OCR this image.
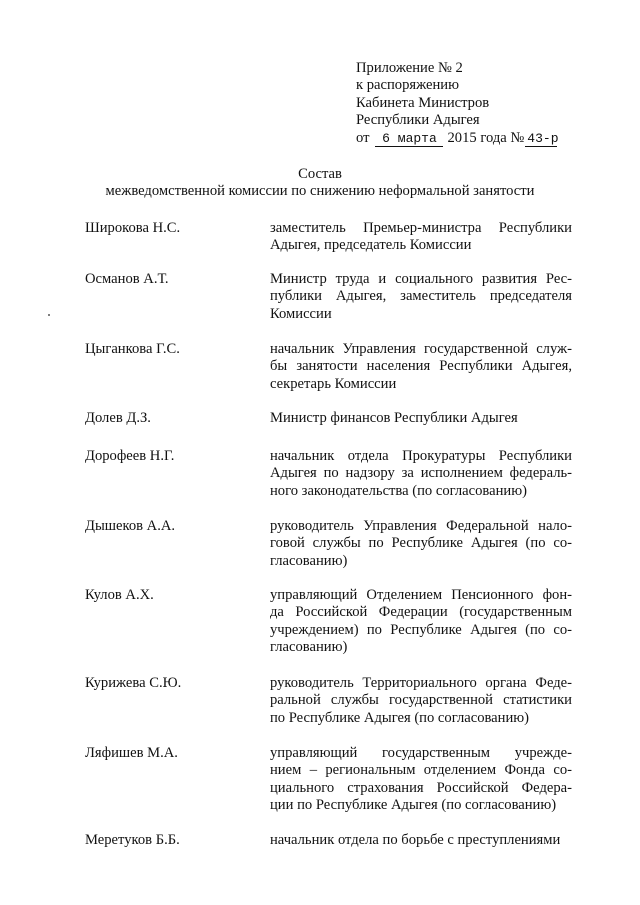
Приложение № 2
к распоряжению
Кабинета Министров
Республики Адыгея
от 6 марта 2015 года № 43-р
Состав
межведомственной комиссии по снижению неформальной занятости
Широкова Н.С.	заместитель Премьер-министра Республики
Адыгея, председатель Комиссии
Османов А.Т.	Министр труда и социального развития Рес-
публики Адыгея, заместитель председателя
Комиссии
Цыганкова Г.С.	начальник Управления государственной служ-
бы занятости населения Республики Адыгея,
секретарь Комиссии
Долев Д.З.	Министр финансов Республики Адыгея
Дорофеев Н.Г.	начальник отдела Прокуратуры Республики
Адыгея по надзору за исполнением федераль-
ного законодательства (по согласованию)
Дышеков А.А.	руководитель Управления Федеральной нало-
говой службы по Республике Адыгея (по со-
гласованию)
Кулов А.Х.	управляющий Отделением Пенсионного фон-
да Российской Федерации (государственным
учреждением) по Республике Адыгея (по со-
гласованию)
Курижева С.Ю.	руководитель Территориального органа Феде-
ральной службы государственной статистики
по Республике Адыгея (по согласованию)
Ляфишев М.А.	управляющий государственным учрежде-
нием – региональным отделением Фонда со-
циального страхования Российской Федера-
ции по Республике Адыгея (по согласованию)
Меретуков Б.Б.	начальник отдела по борьбе с преступлениями
